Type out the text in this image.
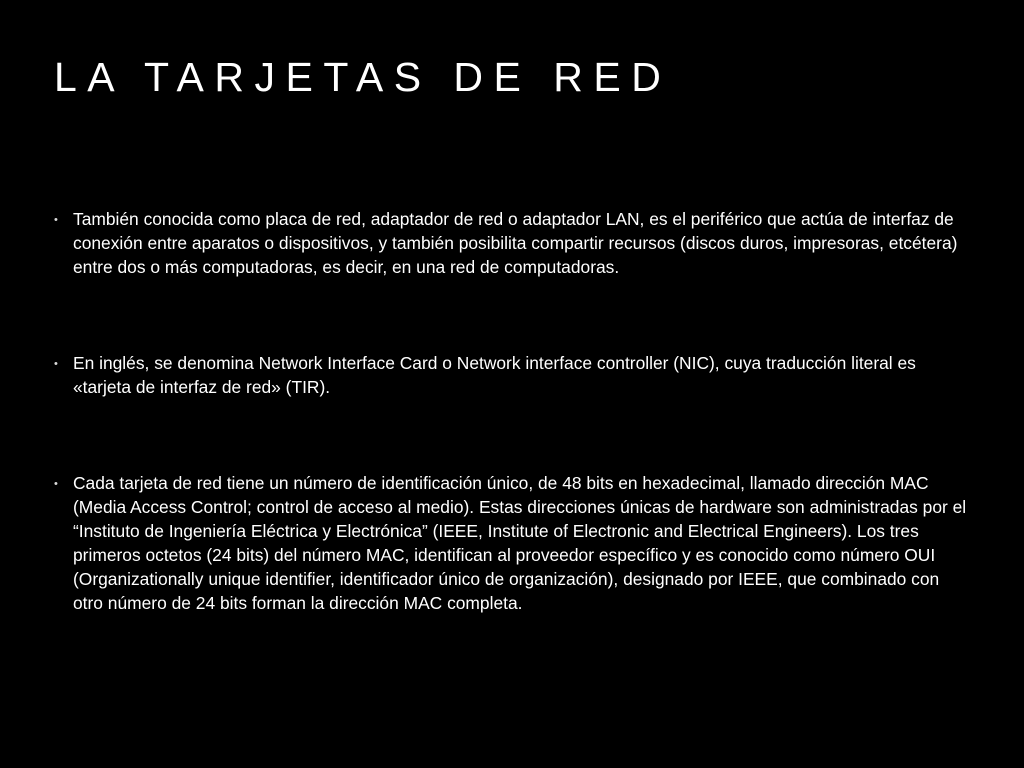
LA TARJETAS DE RED
• También conocida como placa de red, adaptador de red o adaptador LAN, es el periférico que actúa de interfaz de conexión entre aparatos o dispositivos, y también posibilita compartir recursos (discos duros, impresoras, etcétera) entre dos o más computadoras, es decir, en una red de computadoras.
• En inglés, se denomina Network Interface Card o Network interface controller (NIC), cuya traducción literal es «tarjeta de interfaz de red» (TIR).
• Cada tarjeta de red tiene un número de identificación único, de 48 bits en hexadecimal, llamado dirección MAC (Media Access Control; control de acceso al medio). Estas direcciones únicas de hardware son administradas por el “Instituto de Ingeniería Eléctrica y Electrónica” (IEEE, Institute of Electronic and Electrical Engineers). Los tres primeros octetos (24 bits) del número MAC, identifican al proveedor específico y es conocido como número OUI (Organizationally unique identifier, identificador único de organización), designado por IEEE, que combinado con otro número de 24 bits forman la dirección MAC completa.
